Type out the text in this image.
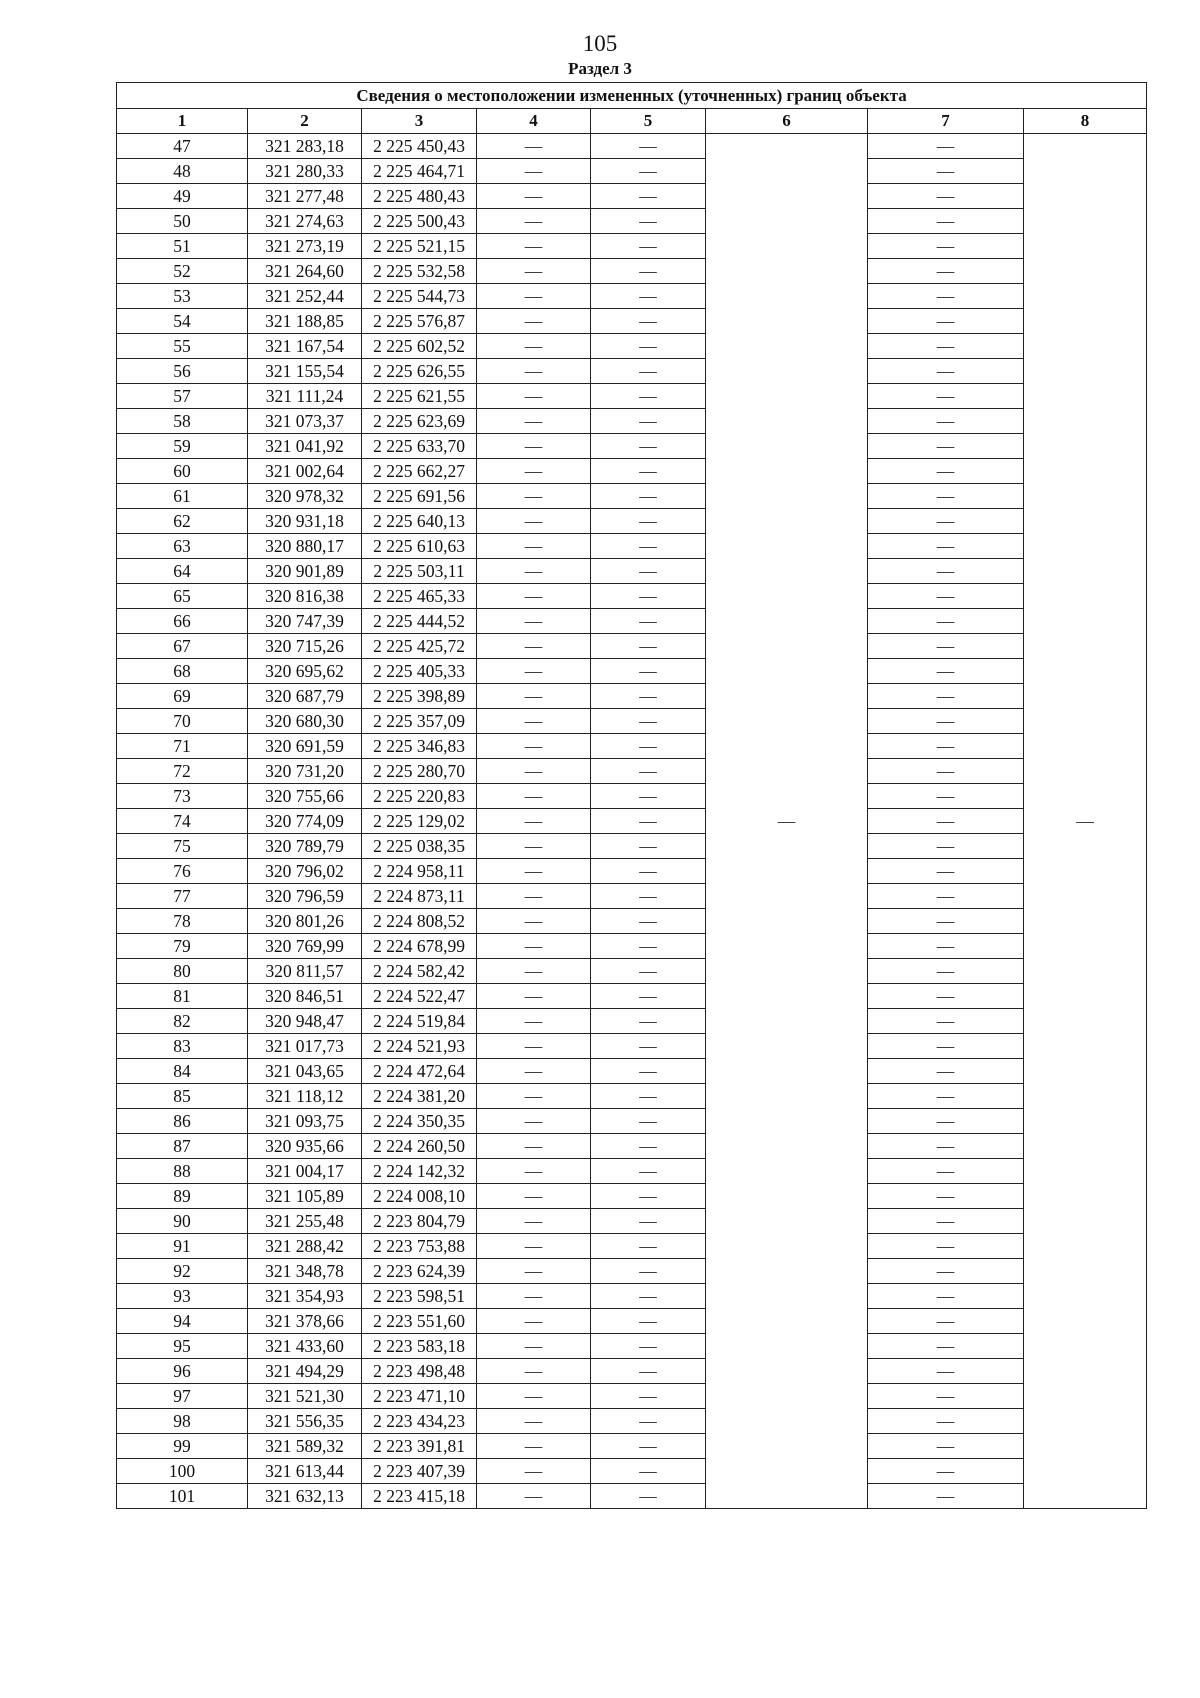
105
Раздел 3
Сведения о местоположении измененных (уточненных) границ объекта							
1	2	3	4	5	6	7	8
47	321 283,18	2 225 450,43	—	—	—	—	—
48	321 280,33	2 225 464,71	—	—		—	
49	321 277,48	2 225 480,43	—	—		—	
50	321 274,63	2 225 500,43	—	—		—	
51	321 273,19	2 225 521,15	—	—		—	
52	321 264,60	2 225 532,58	—	—		—	
53	321 252,44	2 225 544,73	—	—		—	
54	321 188,85	2 225 576,87	—	—		—	
55	321 167,54	2 225 602,52	—	—		—	
56	321 155,54	2 225 626,55	—	—		—	
57	321 111,24	2 225 621,55	—	—		—	
58	321 073,37	2 225 623,69	—	—		—	
59	321 041,92	2 225 633,70	—	—		—	
60	321 002,64	2 225 662,27	—	—		—	
61	320 978,32	2 225 691,56	—	—		—	
62	320 931,18	2 225 640,13	—	—		—	
63	320 880,17	2 225 610,63	—	—		—	
64	320 901,89	2 225 503,11	—	—		—	
65	320 816,38	2 225 465,33	—	—		—	
66	320 747,39	2 225 444,52	—	—		—	
67	320 715,26	2 225 425,72	—	—		—	
68	320 695,62	2 225 405,33	—	—		—	
69	320 687,79	2 225 398,89	—	—		—	
70	320 680,30	2 225 357,09	—	—		—	
71	320 691,59	2 225 346,83	—	—		—	
72	320 731,20	2 225 280,70	—	—		—	
73	320 755,66	2 225 220,83	—	—		—	
74	320 774,09	2 225 129,02	—	—		—	
75	320 789,79	2 225 038,35	—	—		—	
76	320 796,02	2 224 958,11	—	—		—	
77	320 796,59	2 224 873,11	—	—		—	
78	320 801,26	2 224 808,52	—	—		—	
79	320 769,99	2 224 678,99	—	—		—	
80	320 811,57	2 224 582,42	—	—		—	
81	320 846,51	2 224 522,47	—	—		—	
82	320 948,47	2 224 519,84	—	—		—	
83	321 017,73	2 224 521,93	—	—		—	
84	321 043,65	2 224 472,64	—	—		—	
85	321 118,12	2 224 381,20	—	—		—	
86	321 093,75	2 224 350,35	—	—		—	
87	320 935,66	2 224 260,50	—	—		—	
88	321 004,17	2 224 142,32	—	—		—	
89	321 105,89	2 224 008,10	—	—		—	
90	321 255,48	2 223 804,79	—	—		—	
91	321 288,42	2 223 753,88	—	—		—	
92	321 348,78	2 223 624,39	—	—		—	
93	321 354,93	2 223 598,51	—	—		—	
94	321 378,66	2 223 551,60	—	—		—	
95	321 433,60	2 223 583,18	—	—		—	
96	321 494,29	2 223 498,48	—	—		—	
97	321 521,30	2 223 471,10	—	—		—	
98	321 556,35	2 223 434,23	—	—		—	
99	321 589,32	2 223 391,81	—	—		—	
100	321 613,44	2 223 407,39	—	—		—	
101	321 632,13	2 223 415,18	—	—		—	
